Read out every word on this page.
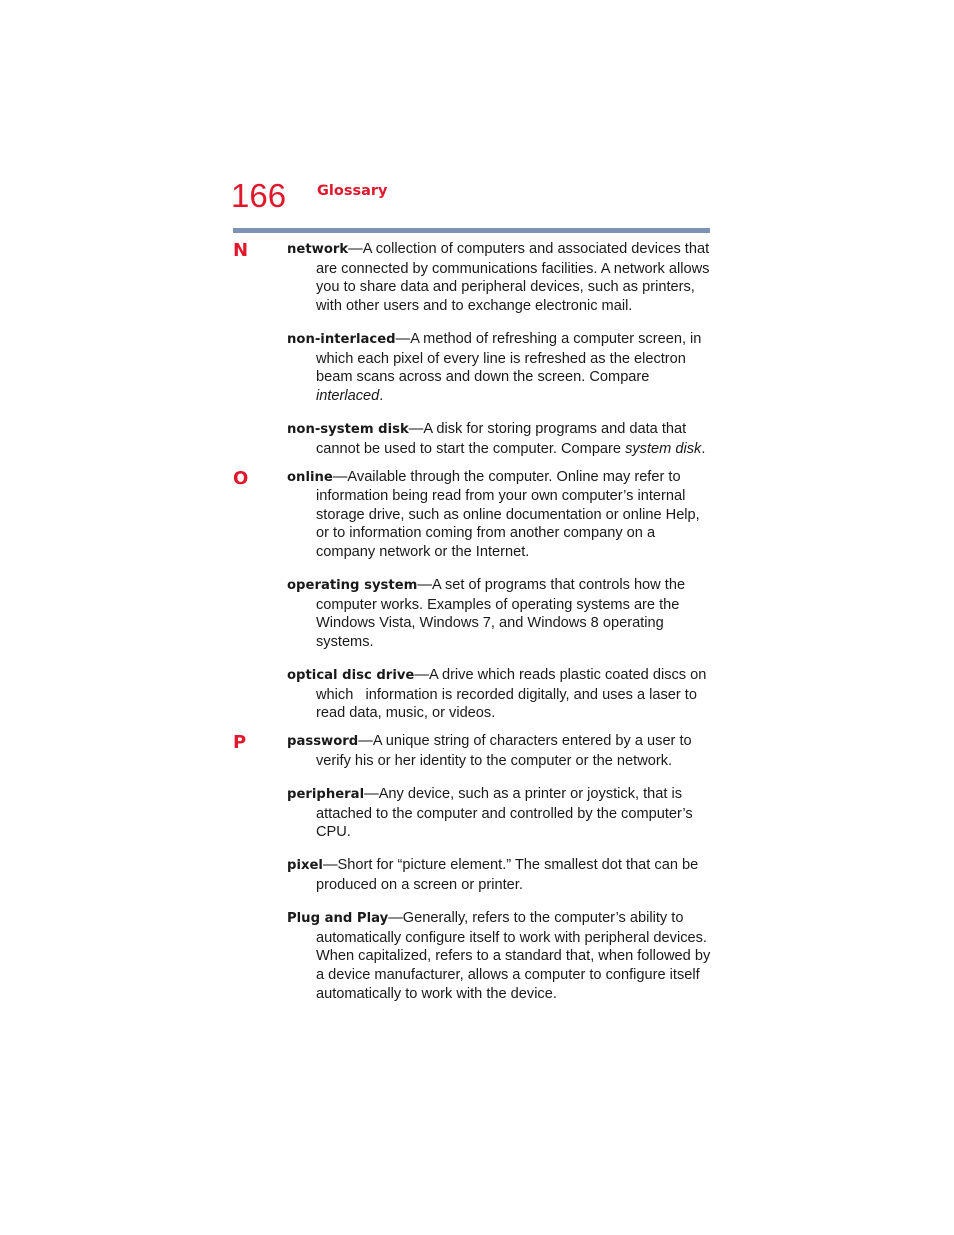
166 Glossary
N	network—A collection of computers and associated devices that are connected by communications facilities. A network allows you to share data and peripheral devices, such as printers, with other users and to exchange electronic mail.

non-interlaced—A method of refreshing a computer screen, in which each pixel of every line is refreshed as the electron beam scans across and down the screen. Compare interlaced.

non-system disk—A disk for storing programs and data that cannot be used to start the computer. Compare system disk.

O	online—Available through the computer. Online may refer to information being read from your own computer’s internal storage drive, such as online documentation or online Help, or to information coming from another company on a company network or the Internet.

operating system—A set of programs that controls how the computer works. Examples of operating systems are the Windows Vista, Windows 7, and Windows 8 operating systems.

optical disc drive—A drive which reads plastic coated discs on which   information is recorded digitally, and uses a laser to read data, music, or videos.

P	password—A unique string of characters entered by a user to verify his or her identity to the computer or the network.

peripheral—Any device, such as a printer or joystick, that is attached to the computer and controlled by the computer’s CPU.

pixel—Short for “picture element.” The smallest dot that can be produced on a screen or printer.

Plug and Play—Generally, refers to the computer’s ability to automatically configure itself to work with peripheral devices. When capitalized, refers to a standard that, when followed by a device manufacturer, allows a computer to configure itself automatically to work with the device.
